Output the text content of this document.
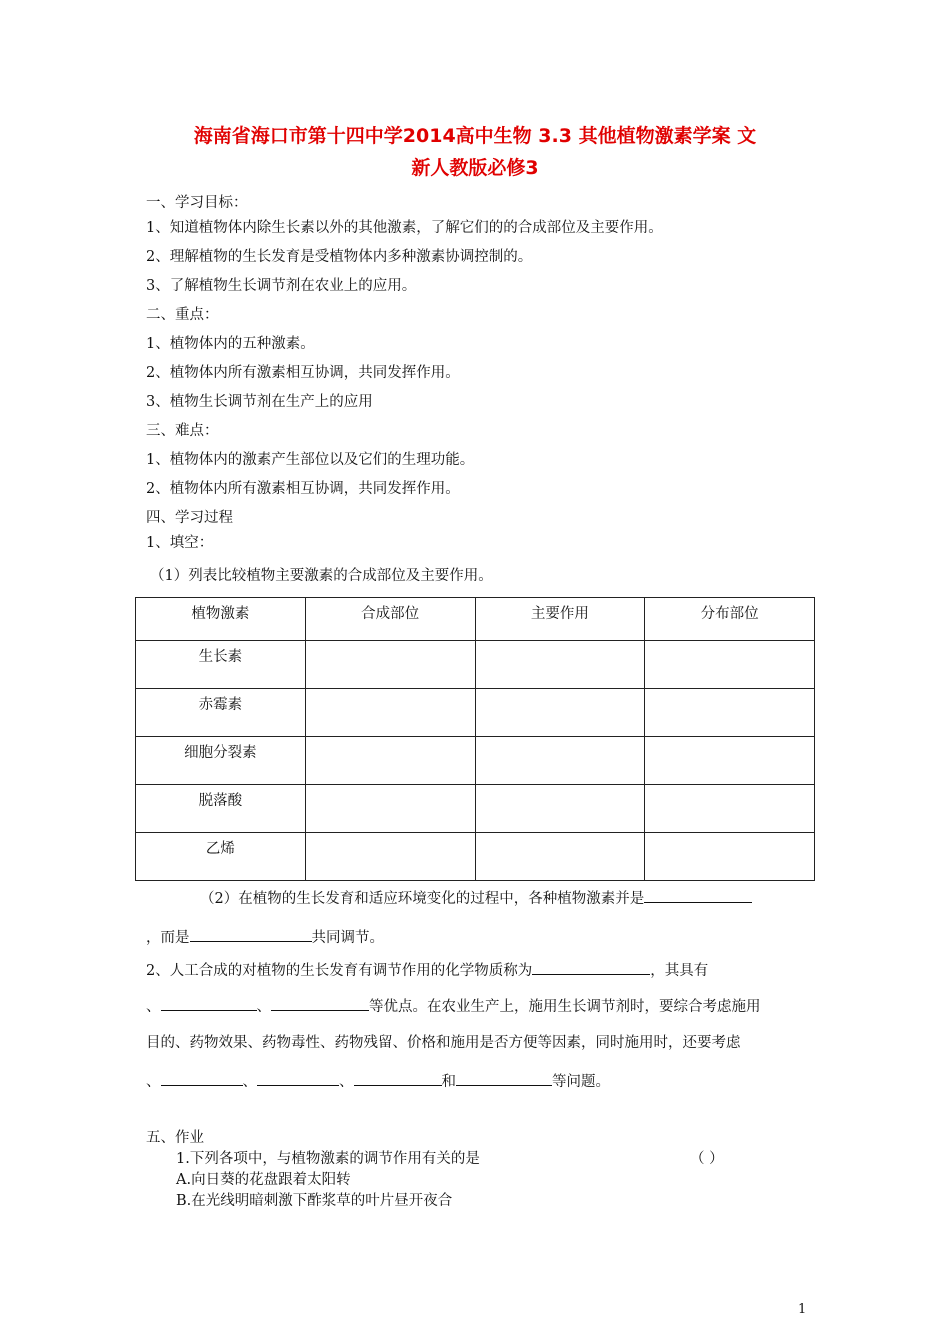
海南省海口市第十四中学2014高中生物 3.3 其他植物激素学案 文
新人教版必修3
一、学习目标：
1、知道植物体内除生长素以外的其他激素，了解它们的的合成部位及主要作用。
2、理解植物的生长发育是受植物体内多种激素协调控制的。
3、了解植物生长调节剂在农业上的应用。
二、重点：
1、植物体内的五种激素。
2、植物体内所有激素相互协调，共同发挥作用。
3、植物生长调节剂在生产上的应用
三、难点：
1、植物体内的激素产生部位以及它们的生理功能。
2、植物体内所有激素相互协调，共同发挥作用。
四、学习过程
1、填空：
（1）列表比较植物主要激素的合成部位及主要作用。
植物激素	合成部位	主要作用	分布部位
生长素			
赤霉素			
细胞分裂素			
脱落酸			
乙烯			
（2）在植物的生长发育和适应环境变化的过程中，各种植物激素并是
，而是	共同调节。
2、人工合成的对植物的生长发育有调节作用的化学物质称为	，其具有
、	、	等优点。在农业生产上，施用生长调节剂时，要综合考虑施用
目的、药物效果、药物毒性、药物残留、价格和施用是否方便等因素，同时施用时，还要考虑
、	、	、	和	等问题。
五、作业
1.下列各项中，与植物激素的调节作用有关的是	（ ）
A.向日葵的花盘跟着太阳转
B.在光线明暗刺激下酢浆草的叶片昼开夜合
1
